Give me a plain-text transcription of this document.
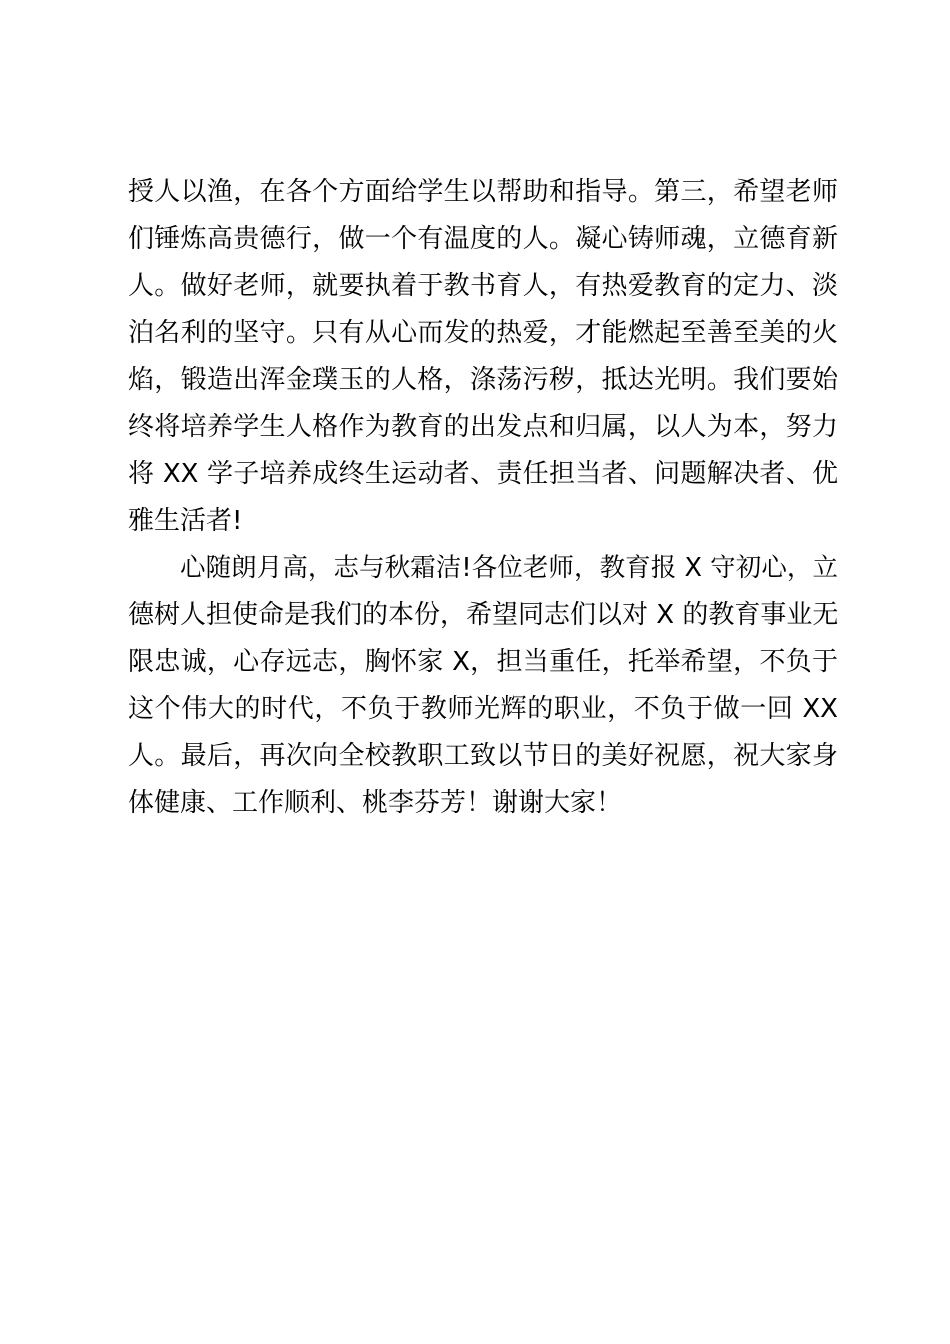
授人以渔，在各个方面给学生以帮助和指导。第三，希望老师
们锤炼高贵德行，做一个有温度的人。凝心铸师魂，立德育新
人。做好老师，就要执着于教书育人，有热爱教育的定力、淡
泊名利的坚守。只有从心而发的热爱，才能燃起至善至美的火
焰，锻造出浑金璞玉的人格，涤荡污秽，抵达光明。我们要始
终将培养学生人格作为教育的出发点和归属，以人为本，努力
将 XX 学子培养成终生运动者、责任担当者、问题解决者、优
雅生活者!
心随朗月高，志与秋霜洁!各位老师，教育报 X 守初心，立
德树人担使命是我们的本份，希望同志们以对 X 的教育事业无
限忠诚，心存远志，胸怀家 X，担当重任，托举希望，不负于
这个伟大的时代，不负于教师光辉的职业，不负于做一回 XX
人。最后，再次向全校教职工致以节日的美好祝愿，祝大家身
体健康、工作顺利、桃李芬芳！谢谢大家！
